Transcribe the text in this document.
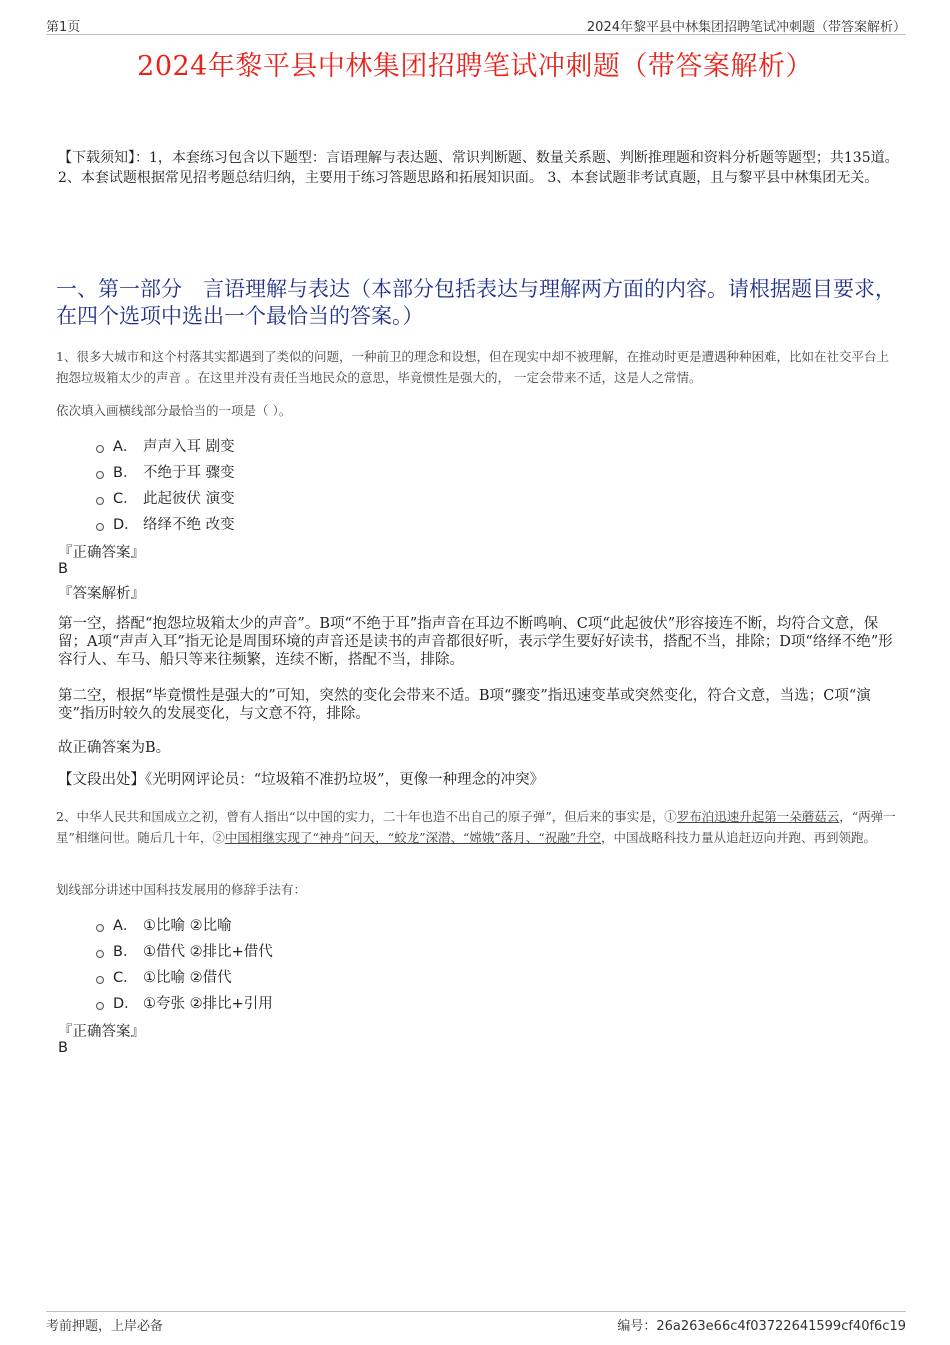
第1页	2024年黎平县中林集团招聘笔试冲刺题（带答案解析）
2024年黎平县中林集团招聘笔试冲刺题（带答案解析）
【下载须知】：1，本套练习包含以下题型：言语理解与表达题、常识判断题、数量关系题、判断推理题和资料分析题等题型；共135道。 2、本套试题根据常见招考题总结归纳，主要用于练习答题思路和拓展知识面。 3、本套试题非考试真题，且与黎平县中林集团无关。
一、第一部分　言语理解与表达（本部分包括表达与理解两方面的内容。请根据题目要求，在四个选项中选出一个最恰当的答案。）
1、很多大城市和这个村落其实都遇到了类似的问题，一种前卫的理念和设想，但在现实中却不被理解，在推动时更是遭遇种种困难，比如在社交平台上抱怨垃圾箱太少的声音 。在这里并没有责任当地民众的意思，毕竟惯性是强大的， 一定会带来不适，这是人之常情。
依次填入画横线部分最恰当的一项是（ ）。
A． 声声入耳 剧变
B． 不绝于耳 骤变
C． 此起彼伏 演变
D． 络绎不绝 改变
『正确答案』
B
『答案解析』
第一空，搭配“抱怨垃圾箱太少的声音”。B项“不绝于耳”指声音在耳边不断鸣响、C项“此起彼伏”形容接连不断，均符合文意，保留；A项“声声入耳”指无论是周围环境的声音还是读书的声音都很好听，表示学生要好好读书，搭配不当，排除；D项“络绎不绝”形容行人、车马、船只等来往频繁，连续不断，搭配不当，排除。
第二空，根据“毕竟惯性是强大的”可知，突然的变化会带来不适。B项“骤变”指迅速变革或突然变化，符合文意，当选；C项“演变”指历时较久的发展变化，与文意不符，排除。
故正确答案为B。
【文段出处】《光明网评论员：“垃圾箱不准扔垃圾”，更像一种理念的冲突》
2、中华人民共和国成立之初，曾有人指出“以中国的实力，二十年也造不出自己的原子弹”，但后来的事实是，①罗布泊迅速升起第一朵蘑菇云，“两弹一星”相继问世。随后几十年，②中国相继实现了“神舟”问天，“蛟龙”深潜、“嫦娥”落月、“祝融”升空，中国战略科技力量从追赶迈向并跑、再到领跑。
划线部分讲述中国科技发展用的修辞手法有：
A． ①比喻 ②比喻
B． ①借代 ②排比+借代
C． ①比喻 ②借代
D． ①夸张 ②排比+引用
『正确答案』
B
考前押题，上岸必备	编号：26a263e66c4f03722641599cf40f6c19
